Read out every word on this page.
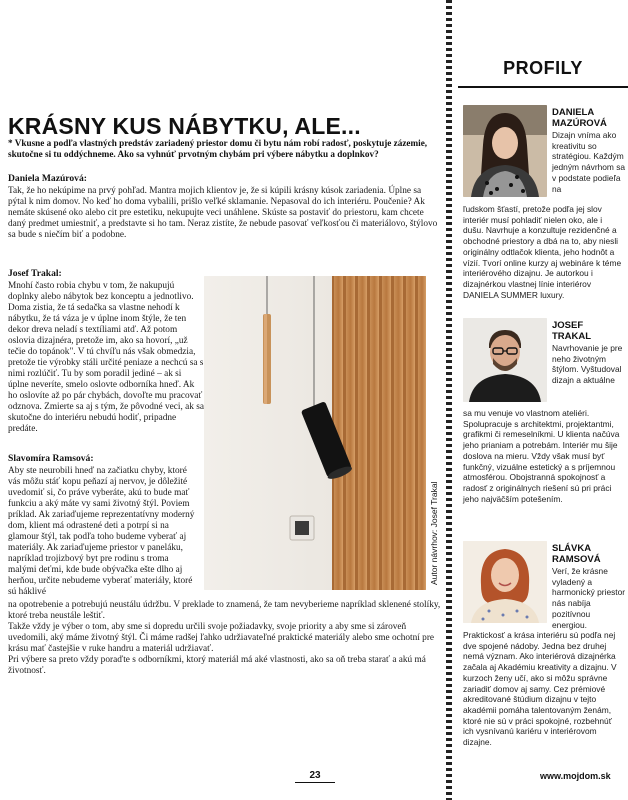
KRÁSNY KUS NÁBYTKU, ALE...
* Vkusne a podľa vlastných predstáv zariadený priestor domu či bytu nám robí radosť, poskytuje zázemie, skutočne si tu oddýchneme. Ako sa vyhnúť prvotným chybám pri výbere nábytku a doplnkov?
Daniela Mazúrová:
Tak, že ho nekúpime na prvý pohľad. Mantra mojich klientov je, že si kúpili krásny kúsok zariadenia. Úplne sa pýtal k nim domov. No keď ho doma vybalili, prišlo veľké sklamanie. Nepasoval do ich interiéru. Poučenie? Ak nemáte skúsené oko alebo cit pre estetiku, nekupujte veci unáhlene. Skúste sa postaviť do priestoru, kam chcete daný predmet umiestniť, a predstavte si ho tam. Neraz zistíte, že nebude pasovať veľkosťou či materiálovo, štýlovo sa bude s niečím biť a podobne.
Josef Trakal:
Mnohí často robia chybu v tom, že nakupujú doplnky alebo nábytok bez konceptu a jednotlivo. Doma zistia, že tá sedačka sa vlastne nehodí k nábytku, že tá váza je v úplne inom štýle, že ten dekor dreva neladí s textíliami atď. Až potom oslovia dizajnéra, pretože im, ako sa hovorí, „už tečie do topánok". V tú chvíľu nás však obmedzia, pretože tie výrobky stáli určité peniaze a nechcú sa s nimi rozlúčiť. Tu by som poradil jediné – ak si úplne neveríte, smelo oslovte odborníka hneď. Ak ho oslovíte až po pár chybách, dovoľte mu pracovať odznova. Zmierte sa aj s tým, že pôvodné veci, ak sa skutočne do interiéru nebudú hodiť, pripadne predáte.
Slavomíra Ramsová:
Aby ste neurobili hneď na začiatku chyby, ktoré vás môžu stáť kopu peňazí aj nervov, je dôležité uvedomiť si, čo práve vyberáte, akú to bude mať funkciu a aký máte vy sami životný štýl. Poviem príklad. Ak zariaďujeme reprezentatívny moderný dom, klient má odrastené deti a potrpí si na glamour štýl, tak podľa toho budeme vyberať aj materiály. Ak zariaďujeme priestor v paneláku, napríklad trojizbový byt pre rodinu s troma malými deťmi, kde bude obývačka ešte dlho aj herňou, určite nebudeme vyberať materiály, ktoré sú háklivé
na opotrebenie a potrebujú neustálu údržbu. V preklade to znamená, že tam nevyberieme napríklad sklenené stolíky, ktoré treba neustále leštiť.
Takže vždy je výber o tom, aby sme si dopredu určili svoje požiadavky, svoje priority a aby sme si zároveň uvedomili, aký máme životný štýl. Či máme radšej ľahko udržiavateľné praktické materiály alebo sme ochotní pre krásu mať častejšie v ruke handru a materiál udržiavať.
Pri výbere sa preto vždy poraďte s odborníkmi, ktorý materiál má aké vlastnosti, ako sa oň treba starať a akú má životnosť.
Autor návrhov: Josef Trakal
PROFILY
DANIELA
MAZÚROVÁ
Dizajn vníma ako kreativitu so stratégiou. Každým jedným návrhom sa v podstate podieľa na
ľudskom šťastí, pretože podľa jej slov interiér musí pohladiť nielen oko, ale i dušu. Navrhuje a konzultuje rezidenčné a obchodné priestory a dbá na to, aby niesli originálny odtlačok klienta, jeho hodnôt a vízií. Tvorí online kurzy aj webináre k téme interiérového dizajnu. Je autorkou i dizajnérkou vlastnej línie interiérov DANIELA SUMMER luxury.
JOSEF
TRAKAL
Navrhovanie je pre neho životným štýlom. Vyštudoval dizajn a aktuálne
sa mu venuje vo vlastnom ateliéri. Spolupracuje s architektmi, projektantmi, grafikmi či remeselníkmi. U klienta načúva jeho prianiam a potrebám. Interiér mu šije doslova na mieru. Vždy však musí byť funkčný, vizuálne estetický a s príjemnou atmosférou. Obojstranná spokojnosť a radosť z originálnych riešení sú pri práci jeho najväčším potešením.
SLÁVKA
RAMSOVÁ
Verí, že krásne vyladený a harmonický priestor nás nabíja pozitívnou energiou.
Praktickosť a krása interiéru sú podľa nej dve spojené nádoby. Jedna bez druhej nemá význam. Ako interiérová dizajnérka začala aj Akadémiu kreativity a dizajnu. V kurzoch ženy učí, ako si môžu správne zariadiť domov aj samy. Cez prémiové akreditované štúdium dizajnu v tejto akadémii pomáha talentovaným ženám, ktoré nie sú v práci spokojné, rozbehnúť ich vysnívanú kariéru v interiérovom dizajne.
23	www.mojdom.sk
